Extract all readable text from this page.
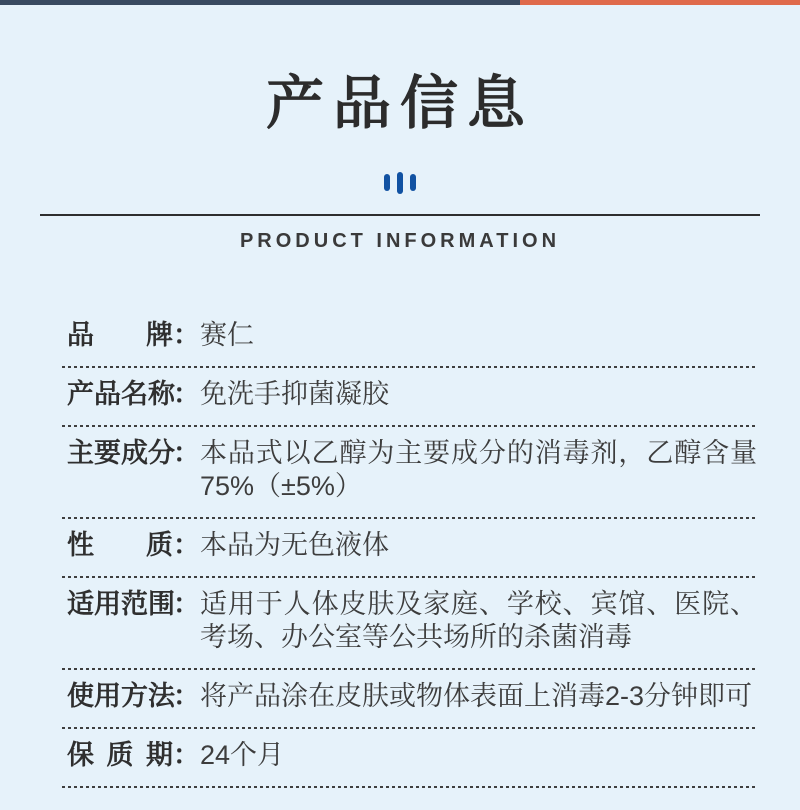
产品信息
PRODUCT INFORMATION
品牌 ： 赛仁
产品名称
： 免洗手抑菌凝胶
主要成分
： 本品式以乙醇为主要成分的消毒剂，乙醇含量75%（±5%）
性质 ： 本品为无色液体
适用范围
： 适用于人体皮肤及家庭、学校、宾馆、医院、考场、办公室等公共场所的杀菌消毒
使用方法
： 将产品涂在皮肤或物体表面上消毒2-3分钟即可
保质期 ： 24个月
